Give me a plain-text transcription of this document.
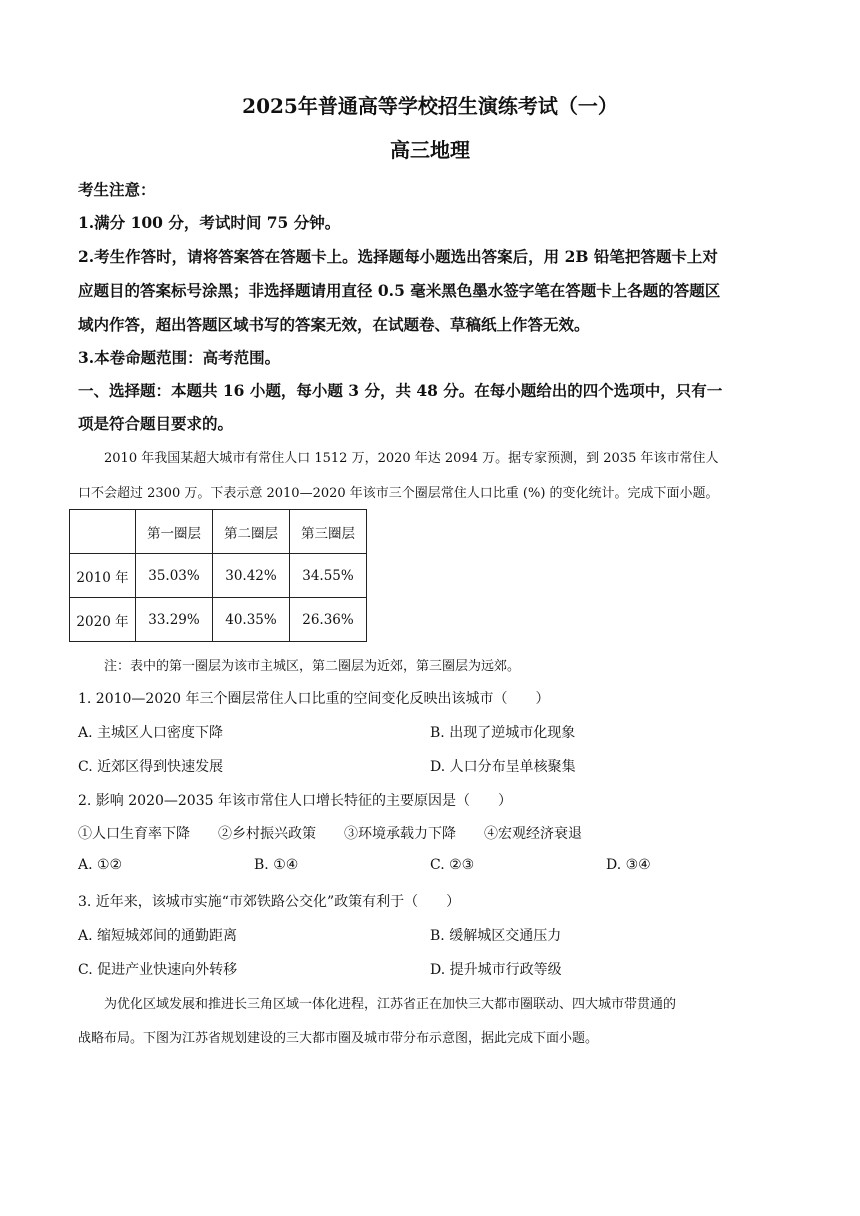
2025年普通高等学校招生演练考试（一）
高三地理
考生注意：
1.满分 100 分，考试时间 75 分钟。
2.考生作答时，请将答案答在答题卡上。选择题每小题选出答案后，用 2B 铅笔把答题卡上对
应题目的答案标号涂黑；非选择题请用直径 0.5 毫米黑色墨水签字笔在答题卡上各题的答题区
域内作答，超出答题区域书写的答案无效，在试题卷、草稿纸上作答无效。
3.本卷命题范围：高考范围。
一、选择题：本题共 16 小题，每小题 3 分，共 48 分。在每小题给出的四个选项中，只有一
项是符合题目要求的。
2010 年我国某超大城市有常住人口 1512 万，2020 年达 2094 万。据专家预测，到 2035 年该市常住人
口不会超过 2300 万。下表示意 2010—2020 年该市三个圈层常住人口比重 (%) 的变化统计。完成下面小题。
	第一圈层	第二圈层	第三圈层
2010 年	35.03%	30.42%	34.55%
2020 年	33.29%	40.35%	26.36%
注：表中的第一圈层为该市主城区，第二圈层为近郊，第三圈层为远郊。
1. 2010—2020 年三个圈层常住人口比重的空间变化反映出该城市（　　）
A. 主城区人口密度下降	B. 出现了逆城市化现象
C. 近郊区得到快速发展	D. 人口分布呈单核聚集
2. 影响 2020—2035 年该市常住人口增长特征的主要原因是（　　）
①人口生育率下降　　②乡村振兴政策　　③环境承载力下降　　④宏观经济衰退
A. ①②	B. ①④	C. ②③	D. ③④
3. 近年来，该城市实施“市郊铁路公交化”政策有利于（　　）
A. 缩短城郊间的通勤距离	B. 缓解城区交通压力
C. 促进产业快速向外转移	D. 提升城市行政等级
为优化区域发展和推进长三角区域一体化进程，江苏省正在加快三大都市圈联动、四大城市带贯通的
战略布局。下图为江苏省规划建设的三大都市圈及城市带分布示意图，据此完成下面小题。
